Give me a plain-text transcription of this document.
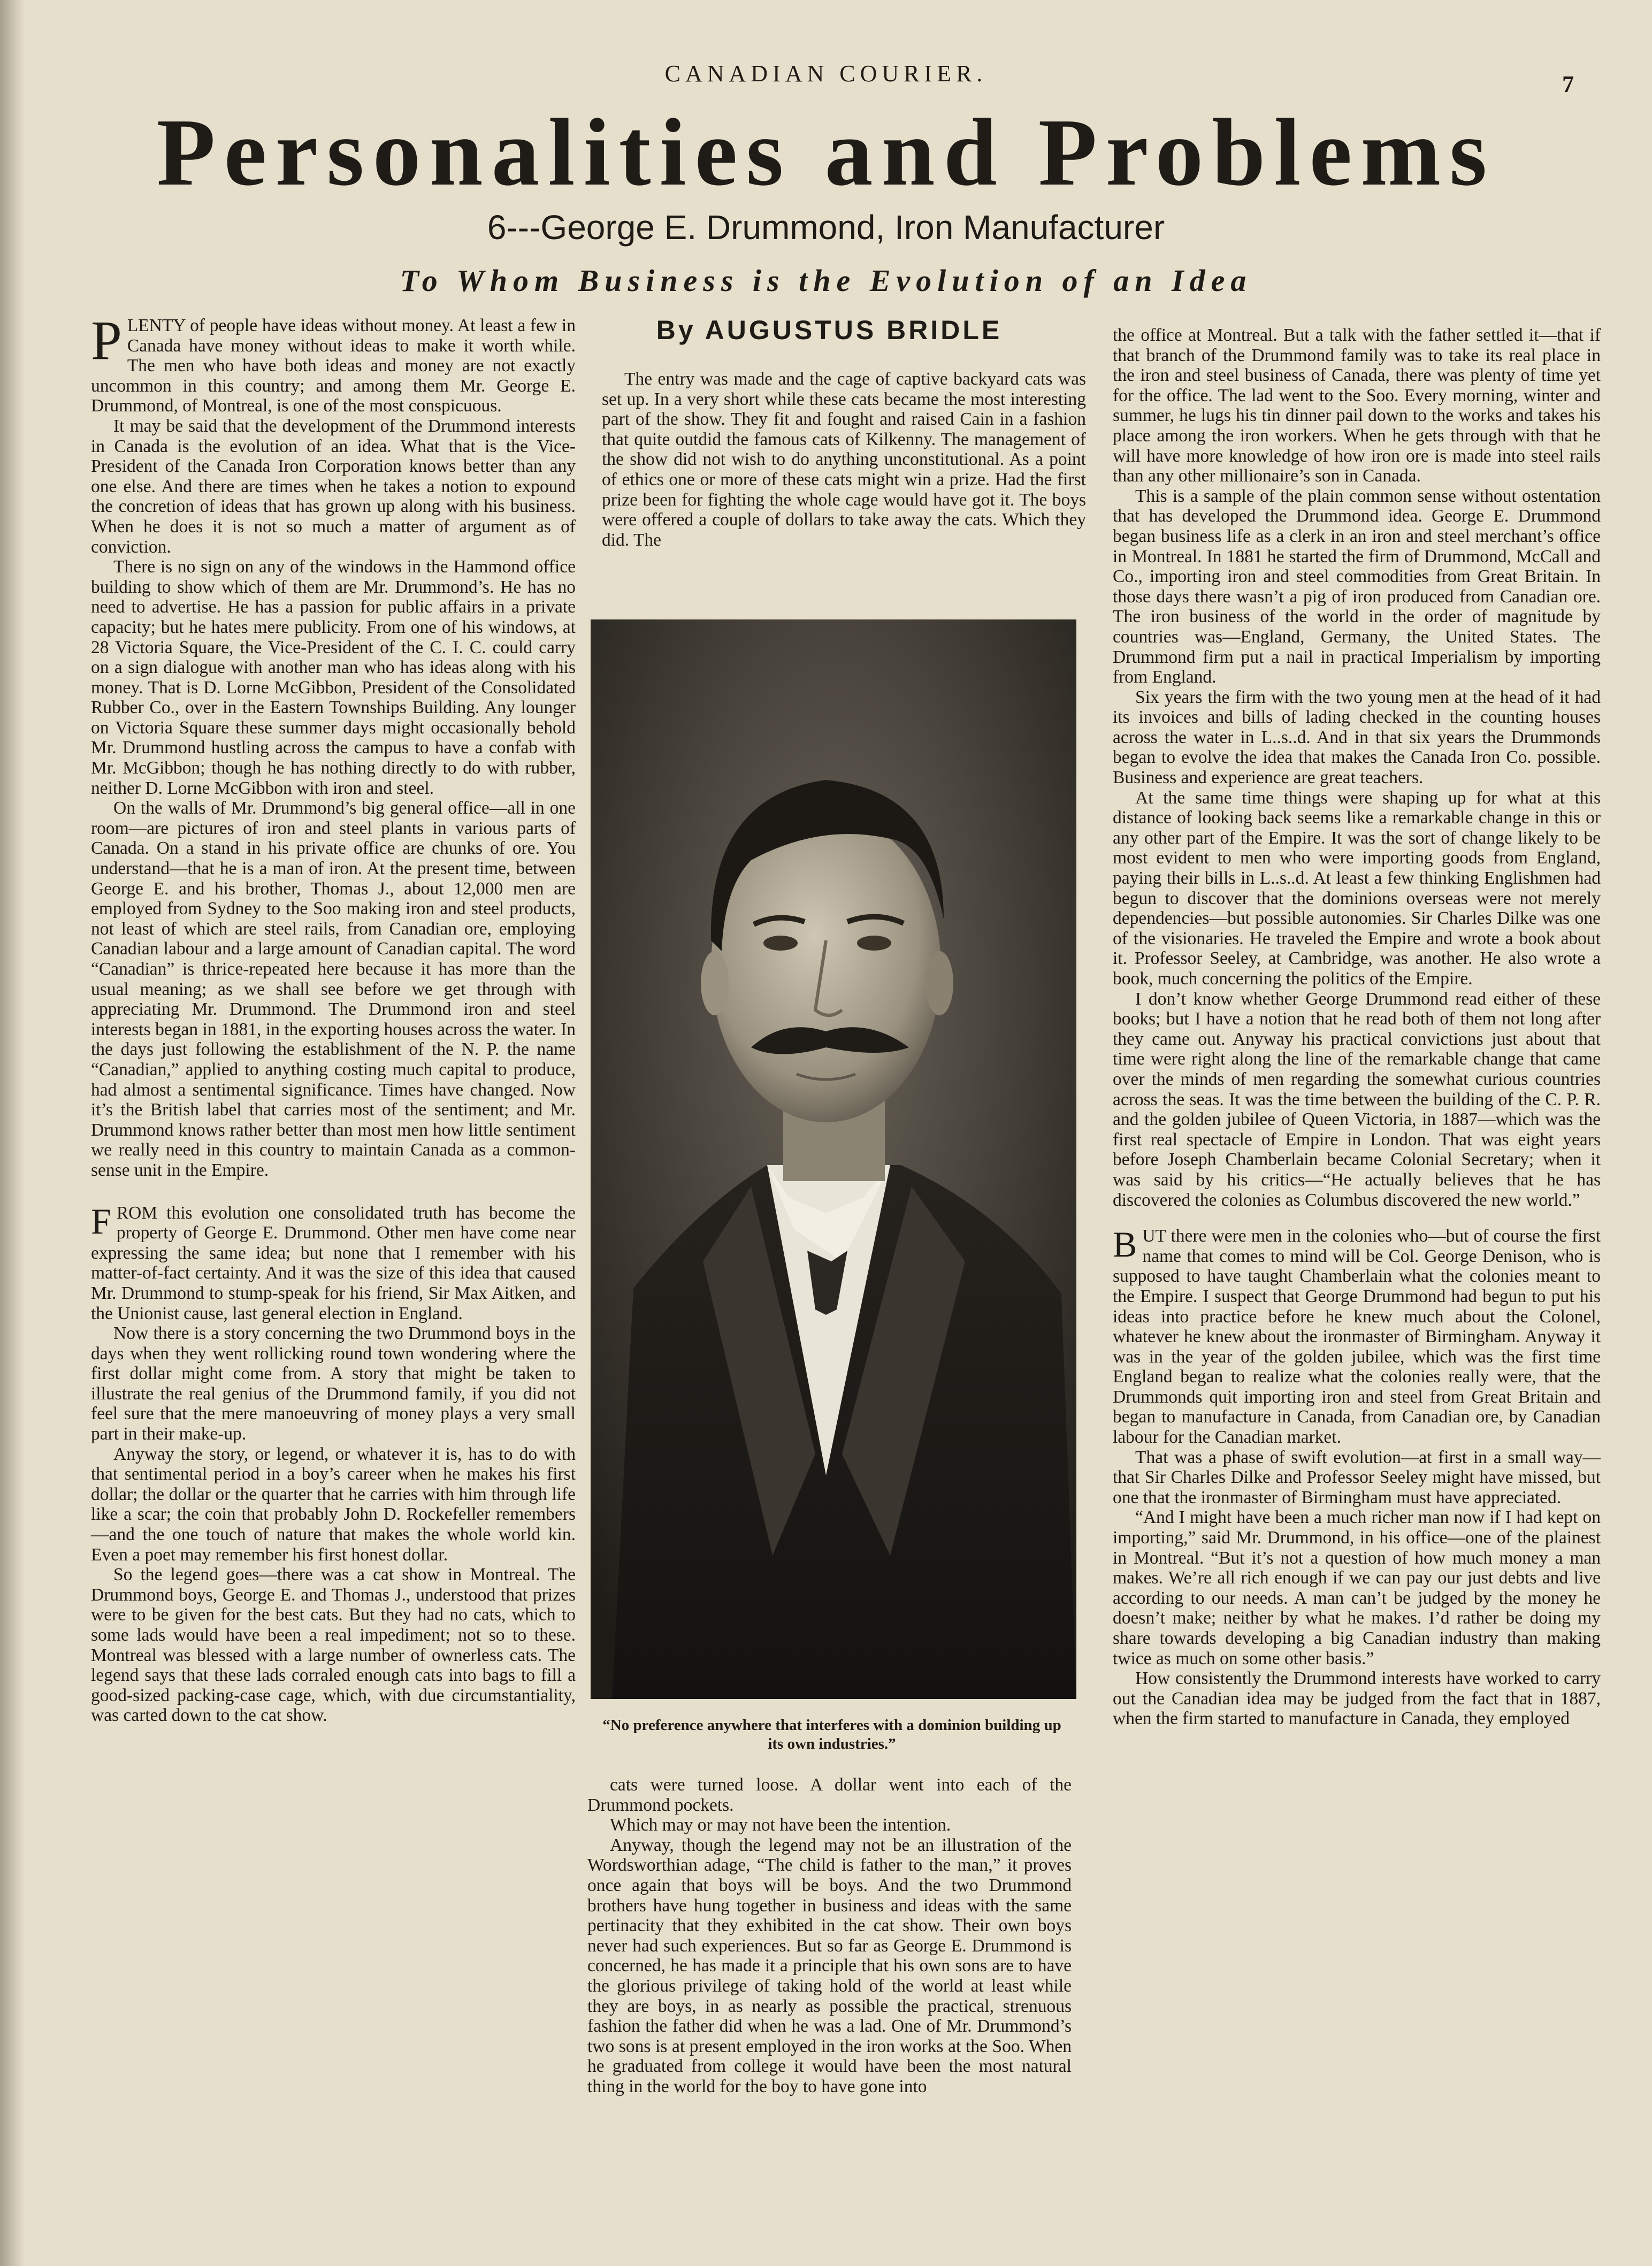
CANADIAN COURIER.	7
Personalities and Problems
6---George E. Drummond, Iron Manufacturer
To Whom Business is the Evolution of an Idea

PLENTY of people have ideas without money. At least a few in Canada have money without ideas to make it worth while. The men who have both ideas and money are not exactly uncommon in this country; and among them Mr. George E. Drummond, of Montreal, is one of the most conspicuous.

It may be said that the development of the Drummond interests in Canada is the evolution of an idea. What that is the Vice-President of the Canada Iron Corporation knows better than any one else. And there are times when he takes a notion to expound the concretion of ideas that has grown up along with his business. When he does it is not so much a matter of argument as of conviction.

There is no sign on any of the windows in the Hammond office building to show which of them are Mr. Drummond’s. He has no need to advertise. He has a passion for public affairs in a private capacity; but he hates mere publicity. From one of his windows, at 28 Victoria Square, the Vice-President of the C. I. C. could carry on a sign dialogue with another man who has ideas along with his money. That is D. Lorne McGibbon, President of the Consolidated Rubber Co., over in the Eastern Townships Building. Any lounger on Victoria Square these summer days might occasionally behold Mr. Drummond hustling across the campus to have a confab with Mr. McGibbon; though he has nothing directly to do with rubber, neither D. Lorne McGibbon with iron and steel.

On the walls of Mr. Drummond’s big general office—all in one room—are pictures of iron and steel plants in various parts of Canada. On a stand in his private office are chunks of ore. You understand—that he is a man of iron. At the present time, between George E. and his brother, Thomas J., about 12,000 men are employed from Sydney to the Soo making iron and steel products, not least of which are steel rails, from Canadian ore, employing Canadian labour and a large amount of Canadian capital. The word “Canadian” is thrice-repeated here because it has more than the usual meaning; as we shall see before we get through with appreciating Mr. Drummond. The Drummond iron and steel interests began in 1881, in the exporting houses across the water. In the days just following the establishment of the N. P. the name “Canadian,” applied to anything costing much capital to produce, had almost a sentimental significance. Times have changed. Now it’s the British label that carries most of the sentiment; and Mr. Drummond knows rather better than most men how little sentiment we really need in this country to maintain Canada as a common-sense unit in the Empire.

FROM this evolution one consolidated truth has become the property of George E. Drummond. Other men have come near expressing the same idea; but none that I remember with his matter-of-fact certainty. And it was the size of this idea that caused Mr. Drummond to stump-speak for his friend, Sir Max Aitken, and the Unionist cause, last general election in England.

Now there is a story concerning the two Drummond boys in the days when they went rollicking round town wondering where the first dollar might come from. A story that might be taken to illustrate the real genius of the Drummond family, if you did not feel sure that the mere manoeuvring of money plays a very small part in their make-up.

Anyway the story, or legend, or whatever it is, has to do with that sentimental period in a boy’s career when he makes his first dollar; the dollar or the quarter that he carries with him through life like a scar; the coin that probably John D. Rockefeller remembers—and the one touch of nature that makes the whole world kin. Even a poet may remember his first honest dollar.

So the legend goes—there was a cat show in Montreal. The Drummond boys, George E. and Thomas J., understood that prizes were to be given for the best cats. But they had no cats, which to some lads would have been a real impediment; not so to these. Montreal was blessed with a large number of ownerless cats. The legend says that these lads corraled enough cats into bags to fill a good-sized packing-case cage, which, with due circumstantiality, was carted down to the cat show.

By AUGUSTUS BRIDLE

The entry was made and the cage of captive backyard cats was set up. In a very short while these cats became the most interesting part of the show. They fit and fought and raised Cain in a fashion that quite outdid the famous cats of Kilkenny. The management of the show did not wish to do anything unconstitutional. As a point of ethics one or more of these cats might win a prize. Had the first prize been for fighting the whole cage would have got it. The boys were offered a couple of dollars to take away the cats. Which they did. The

“No preference anywhere that interferes with a dominion building up its own industries.”

cats were turned loose. A dollar went into each of the Drummond pockets.

Which may or may not have been the intention.

Anyway, though the legend may not be an illustration of the Wordsworthian adage, “The child is father to the man,” it proves once again that boys will be boys. And the two Drummond brothers have hung together in business and ideas with the same pertinacity that they exhibited in the cat show. Their own boys never had such experiences. But so far as George E. Drummond is concerned, he has made it a principle that his own sons are to have the glorious privilege of taking hold of the world at least while they are boys, in as nearly as possible the practical, strenuous fashion the father did when he was a lad. One of Mr. Drummond’s two sons is at present employed in the iron works at the Soo. When he graduated from college it would have been the most natural thing in the world for the boy to have gone into

the office at Montreal. But a talk with the father settled it—that if that branch of the Drummond family was to take its real place in the iron and steel business of Canada, there was plenty of time yet for the office. The lad went to the Soo. Every morning, winter and summer, he lugs his tin dinner pail down to the works and takes his place among the iron workers. When he gets through with that he will have more knowledge of how iron ore is made into steel rails than any other millionaire’s son in Canada.

This is a sample of the plain common sense without ostentation that has developed the Drummond idea. George E. Drummond began business life as a clerk in an iron and steel merchant’s office in Montreal. In 1881 he started the firm of Drummond, McCall and Co., importing iron and steel commodities from Great Britain. In those days there wasn’t a pig of iron produced from Canadian ore. The iron business of the world in the order of magnitude by countries was—England, Germany, the United States. The Drummond firm put a nail in practical Imperialism by importing from England.

Six years the firm with the two young men at the head of it had its invoices and bills of lading checked in the counting houses across the water in L..s..d. And in that six years the Drummonds began to evolve the idea that makes the Canada Iron Co. possible. Business and experience are great teachers.

At the same time things were shaping up for what at this distance of looking back seems like a remarkable change in this or any other part of the Empire. It was the sort of change likely to be most evident to men who were importing goods from England, paying their bills in L..s..d. At least a few thinking Englishmen had begun to discover that the dominions overseas were not merely dependencies—but possible autonomies. Sir Charles Dilke was one of the visionaries. He traveled the Empire and wrote a book about it. Professor Seeley, at Cambridge, was another. He also wrote a book, much concerning the politics of the Empire.

I don’t know whether George Drummond read either of these books; but I have a notion that he read both of them not long after they came out. Anyway his practical convictions just about that time were right along the line of the remarkable change that came over the minds of men regarding the somewhat curious countries across the seas. It was the time between the building of the C. P. R. and the golden jubilee of Queen Victoria, in 1887—which was the first real spectacle of Empire in London. That was eight years before Joseph Chamberlain became Colonial Secretary; when it was said by his critics—“He actually believes that he has discovered the colonies as Columbus discovered the new world.”

BUT there were men in the colonies who—but of course the first name that comes to mind will be Col. George Denison, who is supposed to have taught Chamberlain what the colonies meant to the Empire. I suspect that George Drummond had begun to put his ideas into practice before he knew much about the Colonel, whatever he knew about the ironmaster of Birmingham. Anyway it was in the year of the golden jubilee, which was the first time England began to realize what the colonies really were, that the Drummonds quit importing iron and steel from Great Britain and began to manufacture in Canada, from Canadian ore, by Canadian labour for the Canadian market.

That was a phase of swift evolution—at first in a small way—that Sir Charles Dilke and Professor Seeley might have missed, but one that the ironmaster of Birmingham must have appreciated.

“And I might have been a much richer man now if I had kept on importing,” said Mr. Drummond, in his office—one of the plainest in Montreal. “But it’s not a question of how much money a man makes. We’re all rich enough if we can pay our just debts and live according to our needs. A man can’t be judged by the money he doesn’t make; neither by what he makes. I’d rather be doing my share towards developing a big Canadian industry than making twice as much on some other basis.”

How consistently the Drummond interests have worked to carry out the Canadian idea may be judged from the fact that in 1887, when the firm started to manufacture in Canada, they employed
